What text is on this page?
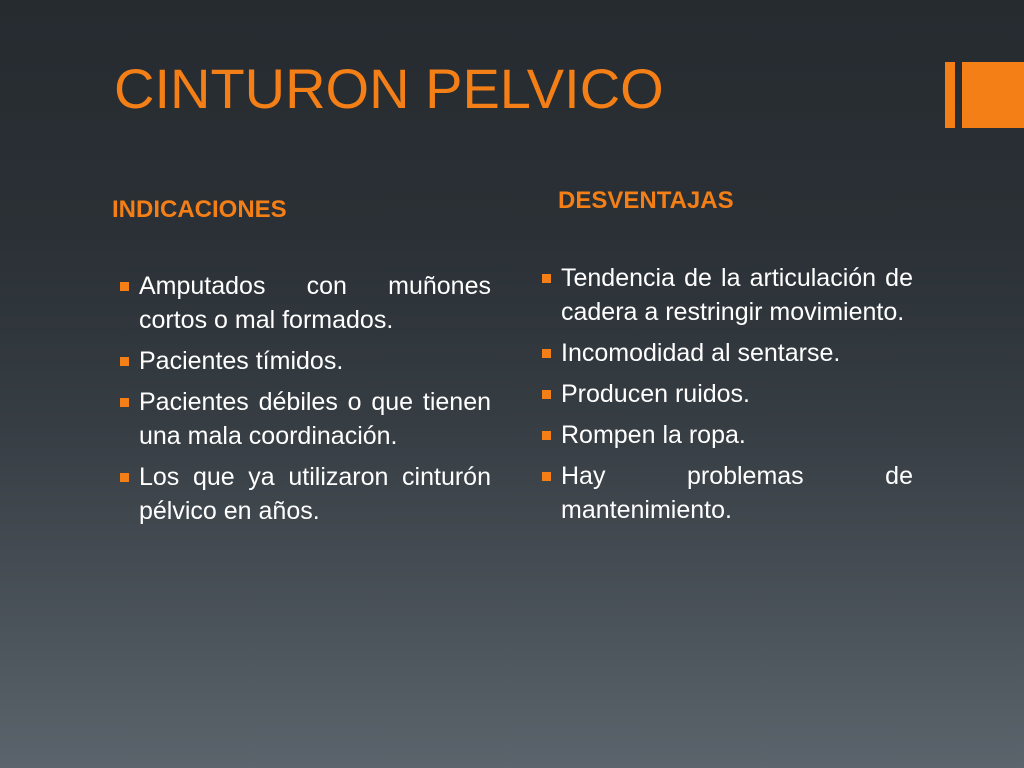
CINTURON PELVICO
INDICACIONES	DESVENTAJAS
Amputados con muñones cortos o mal formados.
Pacientes tímidos.
Pacientes débiles o que tienen una mala coordinación.
Los que ya utilizaron cinturón pélvico en años.
Tendencia de la articulación de cadera a restringir movimiento.
Incomodidad al sentarse.
Producen ruidos.
Rompen la ropa.
Hay problemas de mantenimiento.
